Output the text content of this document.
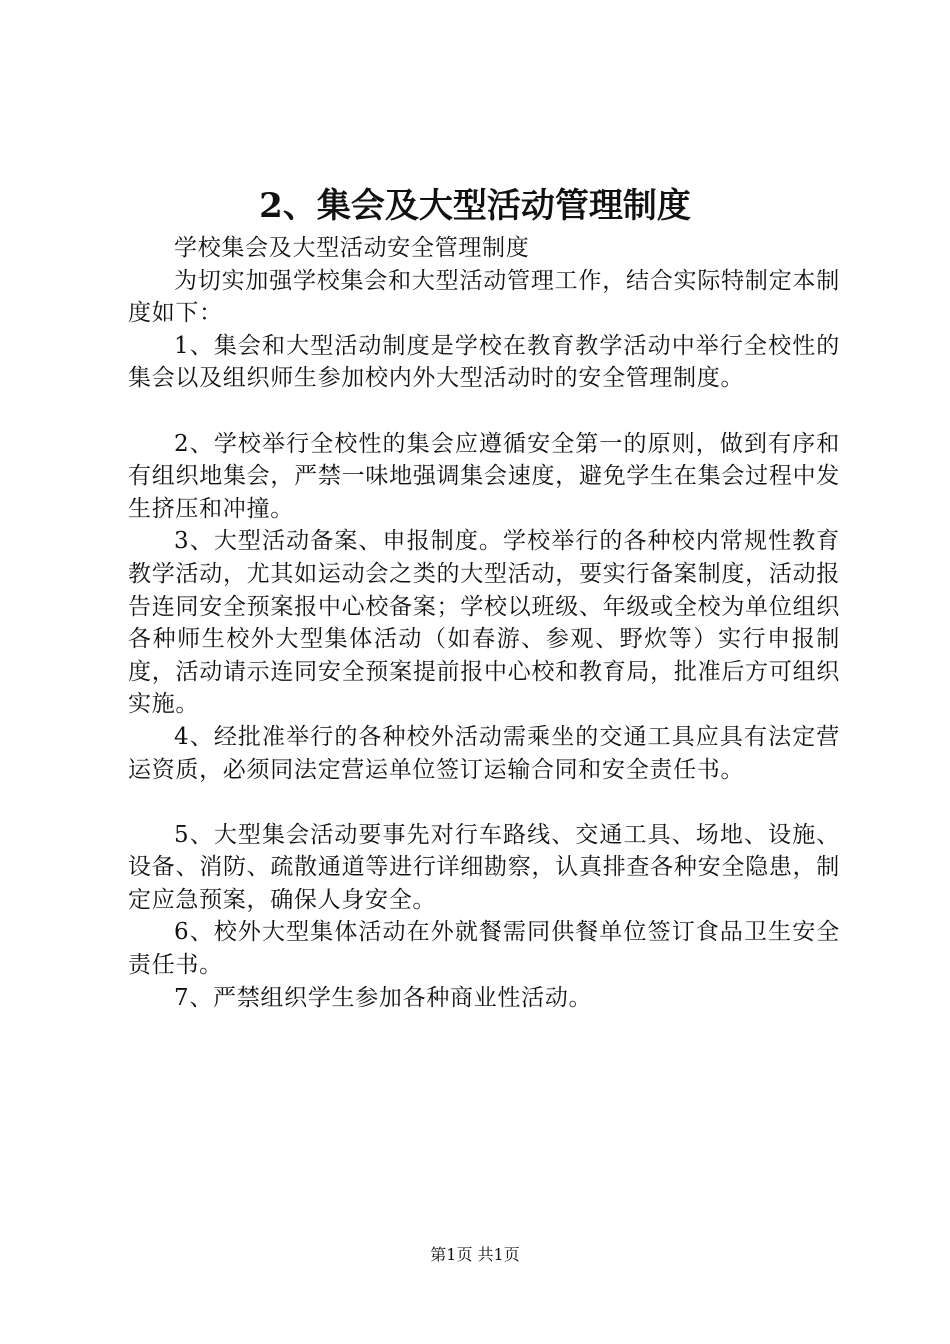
2、集会及大型活动管理制度

学校集会及大型活动安全管理制度

为切实加强学校集会和大型活动管理工作，结合实际特制定本制度如下：

1、集会和大型活动制度是学校在教育教学活动中举行全校性的集会以及组织师生参加校内外大型活动时的安全管理制度。

2、学校举行全校性的集会应遵循安全第一的原则，做到有序和有组织地集会，严禁一味地强调集会速度，避免学生在集会过程中发生挤压和冲撞。

3、大型活动备案、申报制度。学校举行的各种校内常规性教育教学活动，尤其如运动会之类的大型活动，要实行备案制度，活动报告连同安全预案报中心校备案；学校以班级、年级或全校为单位组织各种师生校外大型集体活动（如春游、参观、野炊等）实行申报制度，活动请示连同安全预案提前报中心校和教育局，批准后方可组织实施。

4、经批准举行的各种校外活动需乘坐的交通工具应具有法定营运资质，必须同法定营运单位签订运输合同和安全责任书。

5、大型集会活动要事先对行车路线、交通工具、场地、设施、设备、消防、疏散通道等进行详细勘察，认真排查各种安全隐患，制定应急预案，确保人身安全。

6、校外大型集体活动在外就餐需同供餐单位签订食品卫生安全责任书。

7、严禁组织学生参加各种商业性活动。

第1页 共1页
